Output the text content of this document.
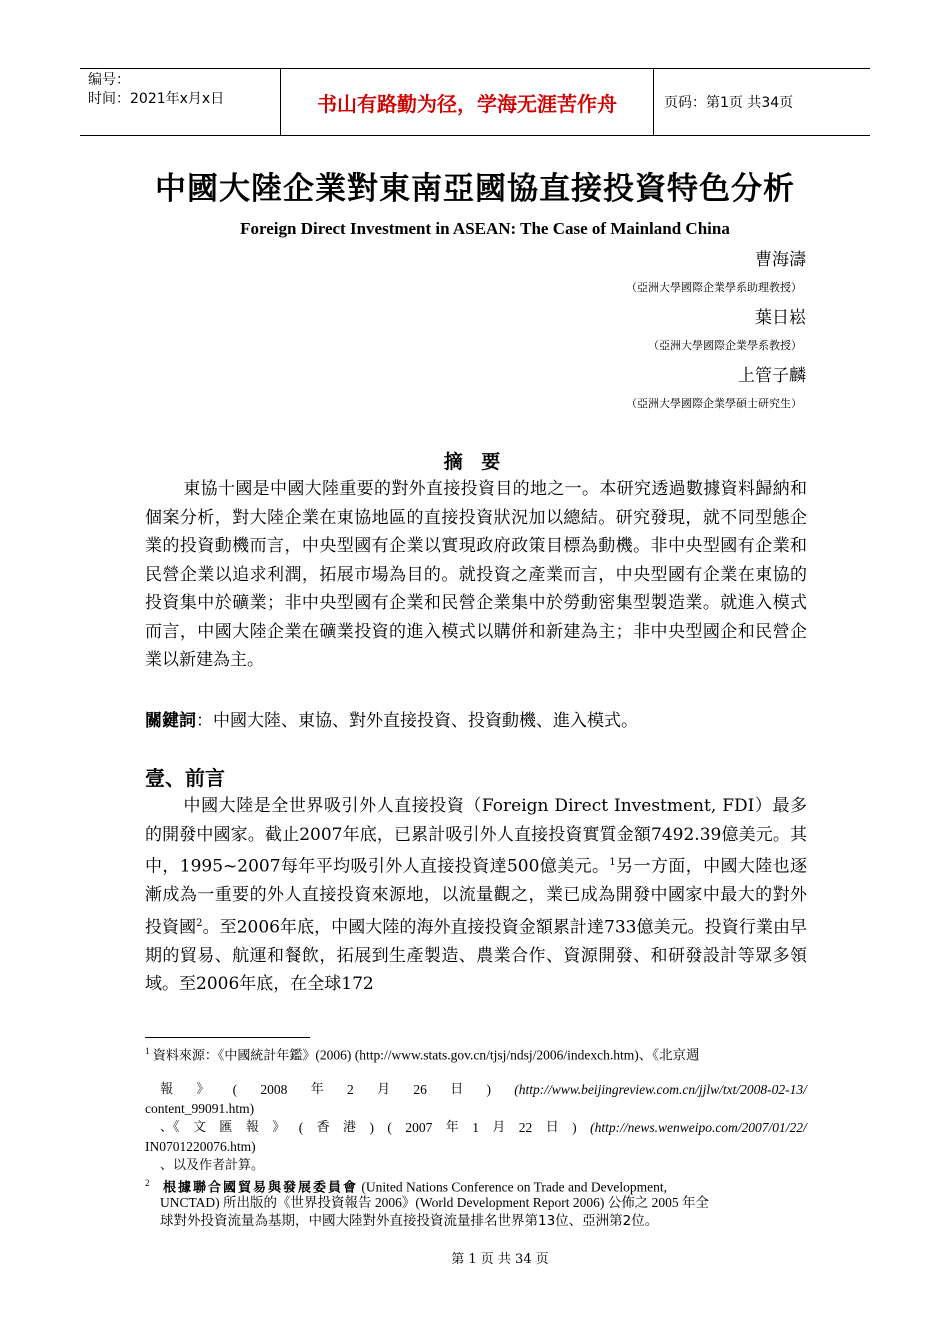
编号：
时间：2021年x月x日	书山有路勤为径，学海无涯苦作舟	页码：第1页 共34页
中國大陸企業對東南亞國協直接投資特色分析
Foreign Direct Investment in ASEAN: The Case of Mainland China
曹海濤
（亞洲大學國際企業學系助理教授）
葉日崧
（亞洲大學國際企業學系教授）
上管子麟
（亞洲大學國際企業學碩士研究生）
摘 要

東協十國是中國大陸重要的對外直接投資目的地之一。本研究透過數據資料歸納和個案分析，對大陸企業在東協地區的直接投資狀況加以總結。研究發現，就不同型態企業的投資動機而言，中央型國有企業以實現政府政策目標為動機。非中央型國有企業和民營企業以追求利潤，拓展市場為目的。就投資之產業而言，中央型國有企業在東協的投資集中於礦業；非中央型國有企業和民營企業集中於勞動密集型製造業。就進入模式而言，中國大陸企業在礦業投資的進入模式以購併和新建為主；非中央型國企和民營企業以新建為主。

關鍵詞：中國大陸、東協、對外直接投資、投資動機、進入模式。
壹、前言

中國大陸是全世界吸引外人直接投資（Foreign Direct Investment, FDI）最多的開發中國家。截止2007年底，已累計吸引外人直接投資實質金額7492.39億美元。其中，1995~2007每年平均吸引外人直接投資達500億美元。$^1$另一方面，中國大陸也逐漸成為一重要的外人直接投資來源地，以流量觀之，業已成為開發中國家中最大的對外投資國$^2$。至2006年底，中國大陸的海外直接投資金額累計達733億美元。投資行業由早期的貿易、航運和餐飲，拓展到生產製造、農業合作、資源開發、和研發設計等眾多領域。至2006年底，在全球172

$^1$ 資料來源：《中國統計年鑑》(2006) (http://www.stats.gov.cn/tjsj/ndsj/2006/indexch.htm)、《北京週

報 》 ( 2008 年 2 月 26 日 ) (http://www.beijingreview.com.cn/jjlw/txt/2008-02-13/
content_99091.htm)
、《 文 匯 報 》 ( 香 港 ) ( 2007 年 1 月 22 日 ) (http://news.wenweipo.com/2007/01/22/
IN0701220076.htm)
、以及作者計算。
$^2$ 根據聯合國貿易與發展委員會 (United Nations Conference on Trade and Development,
UNCTAD) 所出版的《世界投資報告 2006》(World Development Report 2006) 公佈之 2005 年全
球對外投資流量為基期，中國大陸對外直接投資流量排名世界第13位、亞洲第2位。
第 1 页 共 34 页
